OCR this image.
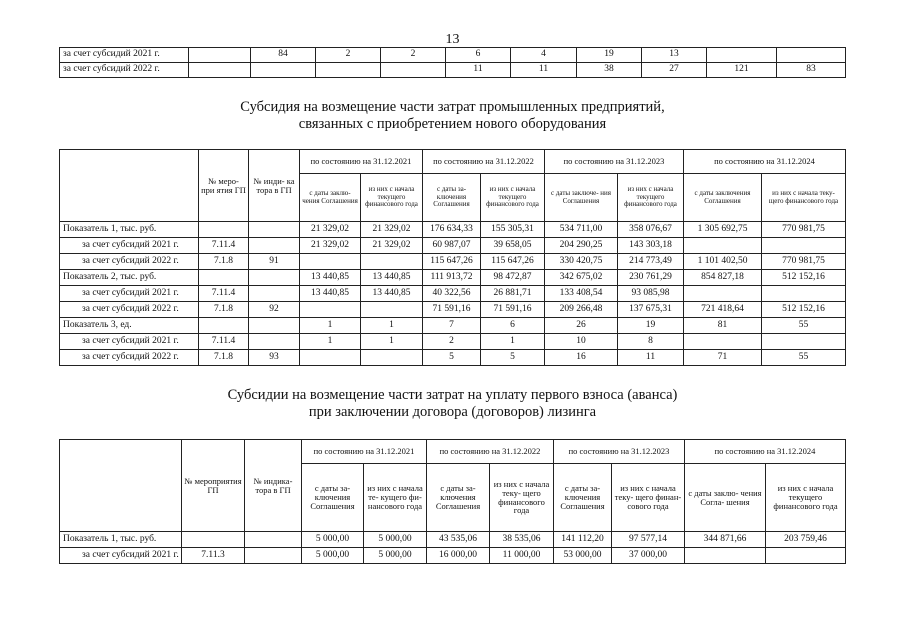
13
за счет субсидий 2021 г.		84	2	2	6	4	19	13		
за счет субсидий 2022 г.					11	11	38	27	121	83
Субсидия на возмещение части затрат промышленных предприятий,
связанных с приобретением нового оборудования
	№ меро- при ятия ГП	№ инди- ка тора в ГП	по состоянию на 31.12.2021		по состоянию на 31.12.2022		по состоянию на 31.12.2023		по состоянию на 31.12.2024	
			с даты заклю- чения Соглашения	из них с начала текущего финансового года	с даты за- ключения Соглашения	из них с начала текущего финансового года	с даты заключе- ния Соглашения	из них с начала текущего финансового года	с даты заключения Соглашения	из них с начала теку- щего финансового года
Показатель 1, тыс. руб.			21 329,02	21 329,02	176 634,33	155 305,31	534 711,00	358 076,67	1 305 692,75	770 981,75
за счет субсидий 2021 г.	7.11.4		21 329,02	21 329,02	60 987,07	39 658,05	204 290,25	143 303,18		
за счет субсидий 2022 г.	7.1.8	91			115 647,26	115 647,26	330 420,75	214 773,49	1 101 402,50	770 981,75
Показатель 2, тыс. руб.			13 440,85	13 440,85	111 913,72	98 472,87	342 675,02	230 761,29	854 827,18	512 152,16
за счет субсидий 2021 г.	7.11.4		13 440,85	13 440,85	40 322,56	26 881,71	133 408,54	93 085,98		
за счет субсидий 2022 г.	7.1.8	92			71 591,16	71 591,16	209 266,48	137 675,31	721 418,64	512 152,16
Показатель 3, ед.			1	1	7	6	26	19	81	55
за счет субсидий 2021 г.	7.11.4		1	1	2	1	10	8		
за счет субсидий 2022 г.	7.1.8	93			5	5	16	11	71	55
Субсидии на возмещение части затрат на уплату первого взноса (аванса)
при заключении договора (договоров) лизинга
	№ мероприятия ГП	№ индика- тора в ГП	по состоянию на 31.12.2021		по состоянию на 31.12.2022		по состоянию на 31.12.2023		по состоянию на 31.12.2024	
			с даты за- ключения Соглашения	из них с начала те- кущего фи- нансового года	с даты за- ключения Соглашения	из них с начала теку- щего финансового года	с даты за- ключения Соглашения	из них с начала теку- щего финан- сового года	с даты заклю- чения Согла- шения	из них с начала текущего финансового года
Показатель 1, тыс. руб.			5 000,00	5 000,00	43 535,06	38 535,06	141 112,20	97 577,14	344 871,66	203 759,46
за счет субсидий 2021 г.	7.11.3		5 000,00	5 000,00	16 000,00	11 000,00	53 000,00	37 000,00		
